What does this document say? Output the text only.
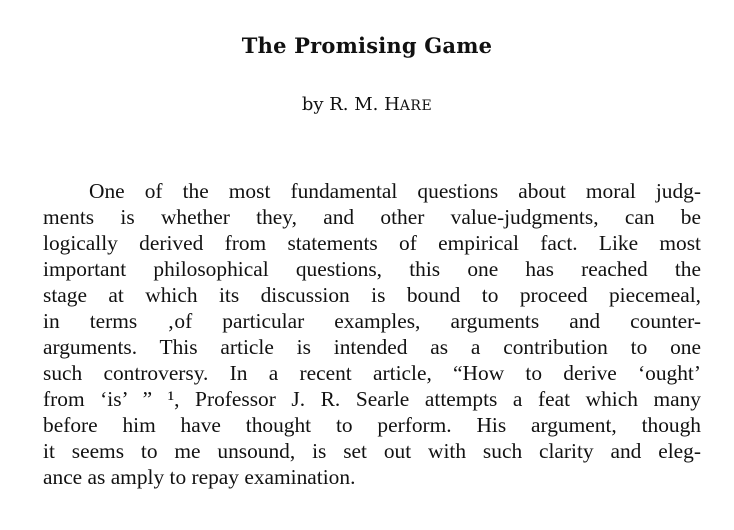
The Promising Game

by R. M. HARE

One of the most fundamental questions about moral judg-
ments is whether they, and other value-judgments, can be
logically derived from statements of empirical fact. Like most
important philosophical questions, this one has reached the
stage at which its discussion is bound to proceed piecemeal,
in terms ‚of particular examples, arguments and counter-
arguments. This article is intended as a contribution to one
such controversy. In a recent article, “How to derive ‘ought’
from ‘is’ ” ¹, Professor J. R. Searle attempts a feat which many
before him have thought to perform. His argument, though
it seems to me unsound, is set out with such clarity and eleg-
ance as amply to repay examination.
